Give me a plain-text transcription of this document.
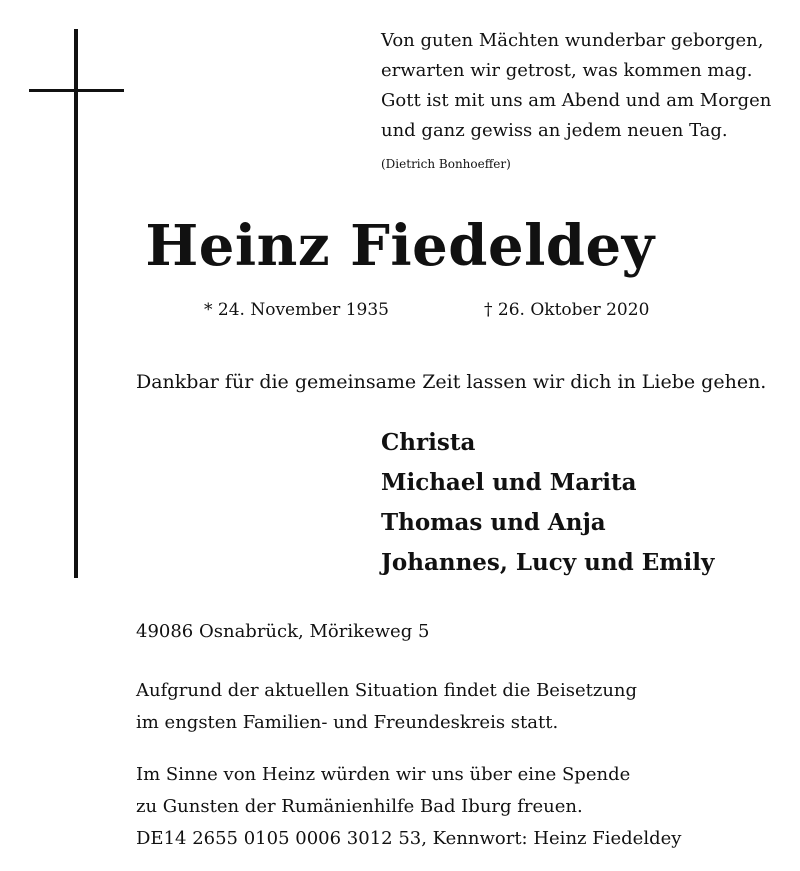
Von guten Mächten wunderbar geborgen,
erwarten wir getrost, was kommen mag.
Gott ist mit uns am Abend und am Morgen
und ganz gewiss an jedem neuen Tag.
(Dietrich Bonhoeffer)
Heinz Fiedeldey
* 24. November 1935	† 26. Oktober 2020
Dankbar für die gemeinsame Zeit lassen wir dich in Liebe gehen.
Christa
Michael und Marita
Thomas und Anja
Johannes, Lucy und Emily
49086 Osnabrück, Mörikeweg 5
Aufgrund der aktuellen Situation findet die Beisetzung
im engsten Familien- und Freundeskreis statt.
Im Sinne von Heinz würden wir uns über eine Spende
zu Gunsten der Rumänienhilfe Bad Iburg freuen.
DE14 2655 0105 0006 3012 53, Kennwort: Heinz Fiedeldey
